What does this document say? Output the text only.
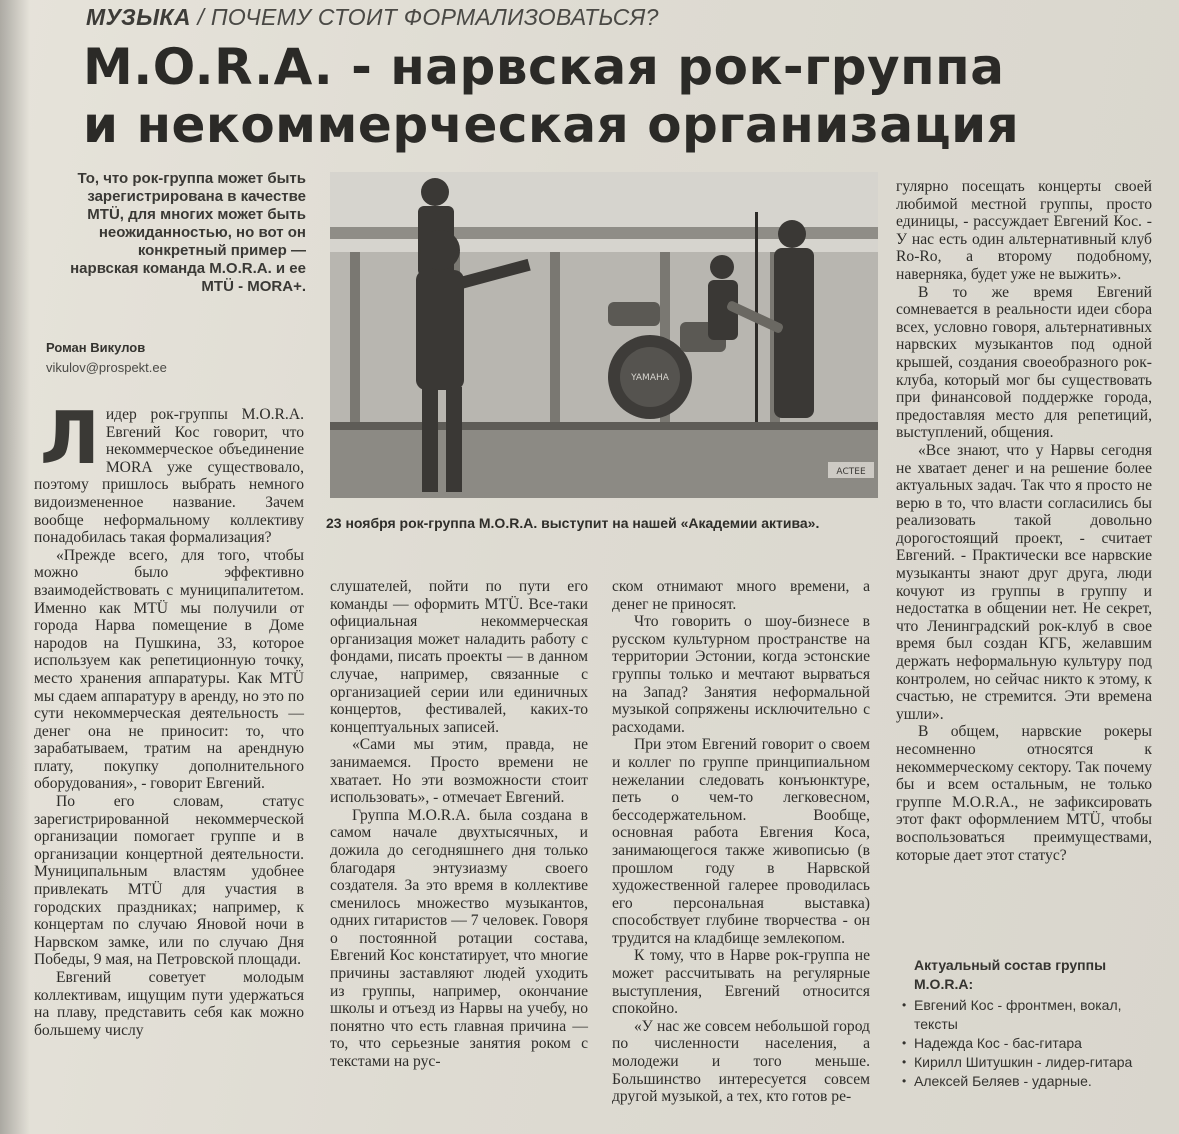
МУЗЫКА / ПОЧЕМУ СТОИТ ФОРМАЛИЗОВАТЬСЯ?
M.O.R.A. - нарвская рок-группа
и некоммерческая организация
То, что рок-группа может быть зарегистрирована в качестве MTÜ, для многих может быть неожиданностью, но вот он конкретный пример — нарвская команда M.O.R.A. и ее MTÜ - MORA+.
Роман Викулов
vikulov@prospekt.ee
YAMAHA
АСТЕЕ
23 ноября рок-группа M.O.R.A. выступит на нашей «Академии актива».
Л идер рок-группы M.O.R.A. Евгений Кос говорит, что некоммерческое объединение MORA уже существовало, поэтому пришлось выбрать немного видоизмененное название. Зачем вообще неформальному коллективу понадобилась такая формализация?

«Прежде всего, для того, чтобы можно было эффективно взаимодействовать с муниципалитетом. Именно как MTÜ мы получили от города Нарва помещение в Доме народов на Пушкина, 33, которое используем как репетиционную точку, место хранения аппаратуры. Как MTÜ мы сдаем аппаратуру в аренду, но это по сути некоммерческая деятельность — денег она не приносит: то, что зарабатываем, тратим на арендную плату, покупку дополнительного оборудования», - говорит Евгений.

По его словам, статус зарегистрированной некоммерческой организации помогает группе и в организации концертной деятельности. Муниципальным властям удобнее привлекать MTÜ для участия в городских праздниках; например, к концертам по случаю Яновой ночи в Нарвском замке, или по случаю Дня Победы, 9 мая, на Петровской площади.

Евгений советует молодым коллективам, ищущим пути удержаться на плаву, представить себя как можно большему числу

слушателей, пойти по пути его команды — оформить MTÜ. Все-таки официальная некоммерческая организация может наладить работу с фондами, писать проекты — в данном случае, например, связанные с организацией серии или единичных концертов, фестивалей, каких-то концептуальных записей.

«Сами мы этим, правда, не занимаемся. Просто времени не хватает. Но эти возможности стоит использовать», - отмечает Евгений.

Группа M.O.R.A. была создана в самом начале двухтысячных, и дожила до сегодняшнего дня только благодаря энтузиазму своего создателя. За это время в коллективе сменилось множество музыкантов, одних гитаристов — 7 человек. Говоря о постоянной ротации состава, Евгений Кос констатирует, что многие причины заставляют людей уходить из группы, например, окончание школы и отъезд из Нарвы на учебу, но понятно что есть главная причина — то, что серьезные занятия роком с текстами на рус-

ском отнимают много времени, а денег не приносят.

Что говорить о шоу-бизнесе в русском культурном пространстве на территории Эстонии, когда эстонские группы только и мечтают вырваться на Запад? Занятия неформальной музыкой сопряжены исключительно с расходами.

При этом Евгений говорит о своем и коллег по группе принципиальном нежелании следовать конъюнктуре, петь о чем-то легковесном, бессодержательном. Вообще, основная работа Евгения Коса, занимающегося также живописью (в прошлом году в Нарвской художественной галерее проводилась его персональная выставка) способствует глубине творчества - он трудится на кладбище землекопом.

К тому, что в Нарве рок-группа не может рассчитывать на регулярные выступления, Евгений относится спокойно.

«У нас же совсем небольшой город по численности населения, а молодежи и того меньше. Большинство интересуется совсем другой музыкой, а тех, кто готов ре-

гулярно посещать концерты своей любимой местной группы, просто единицы, - рассуждает Евгений Кос. - У нас есть один альтернативный клуб Ro-Ro, а второму подобному, наверняка, будет уже не выжить».

В то же время Евгений сомневается в реальности идеи сбора всех, условно говоря, альтернативных нарвских музыкантов под одной крышей, создания своеобразного рок-клуба, который мог бы существовать при финансовой поддержке города, предоставляя место для репетиций, выступлений, общения.

«Все знают, что у Нарвы сегодня не хватает денег и на решение более актуальных задач. Так что я просто не верю в то, что власти согласились бы реализовать такой довольно дорогостоящий проект, - считает Евгений. - Практически все нарвские музыканты знают друг друга, люди кочуют из группы в группу и недостатка в общении нет. Не секрет, что Ленинградский рок-клуб в свое время был создан КГБ, желавшим держать неформальную культуру под контролем, но сейчас никто к этому, к счастью, не стремится. Эти времена ушли».

В общем, нарвские рокеры несомненно относятся к некоммерческому сектору. Так почему бы и всем остальным, не только группе M.O.R.A., не зафиксировать этот факт оформлением MTÜ, чтобы воспользоваться преимуществами, которые дает этот статус?

Актуальный состав группы M.O.R.A:
• Евгений Кос - фронтмен, вокал, тексты
• Надежда Кос - бас-гитара
• Кирилл Шитушкин - лидер-гитара
• Алексей Беляев - ударные.
